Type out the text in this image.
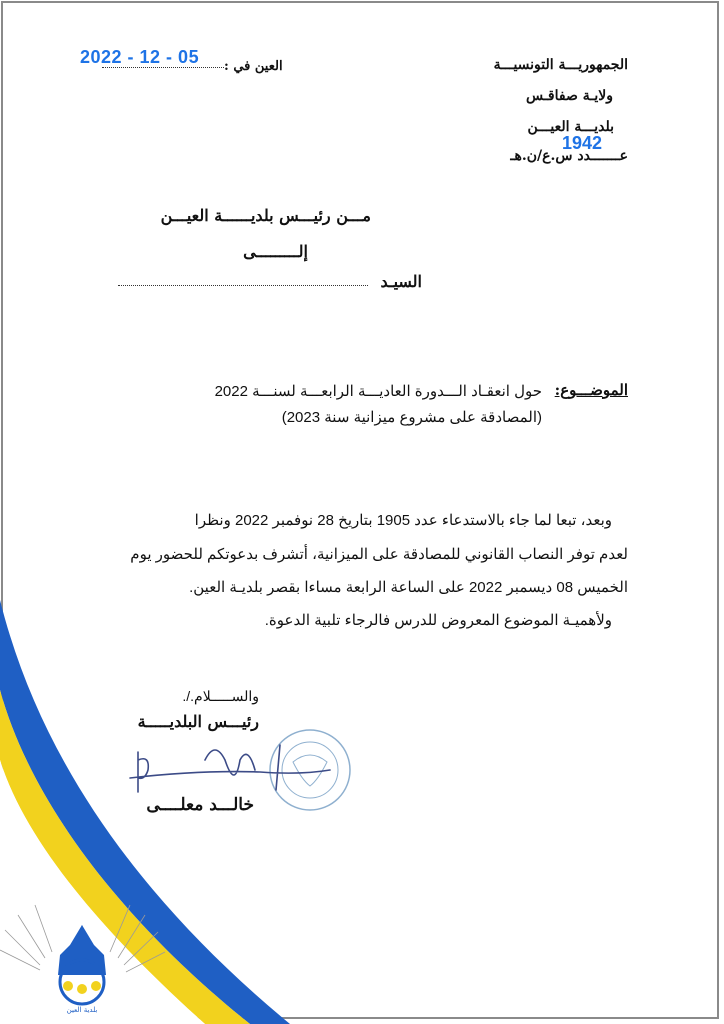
بلدية العين
الجمهوريـــة التونسيـــة
ولايـة صفاقـس
بلديـــة العيـــن
عـــــــدد س.ع/ن.هـ
1942
العين في :
2022 - 12 - 05
مـــن رئيـــس بلديــــــة العيـــن
إلـــــــــى
السيـد
الموضـــوع:
حول انعقـاد الـــدورة العاديـــة الرابعـــة لسنـــة 2022
(المصادقة على مشروع ميزانية سنة 2023)
وبعد، تبعا لما جاء بالاستدعاء عدد 1905 بتاريخ 28 نوفمبر 2022 ونظرا
لعدم توفر النصاب القانوني للمصادقة على الميزانية، أتشرف بدعوتكم للحضور يوم
الخميس 08 ديسمبر 2022 على الساعة الرابعة مساءا بقصر بلديـة العين.
ولأهميـة الموضوع المعروض للدرس فالرجاء تلبية الدعوة.
والســـــلام./.
رئيـــس البلديـــــة
خالـــد معلــــى
